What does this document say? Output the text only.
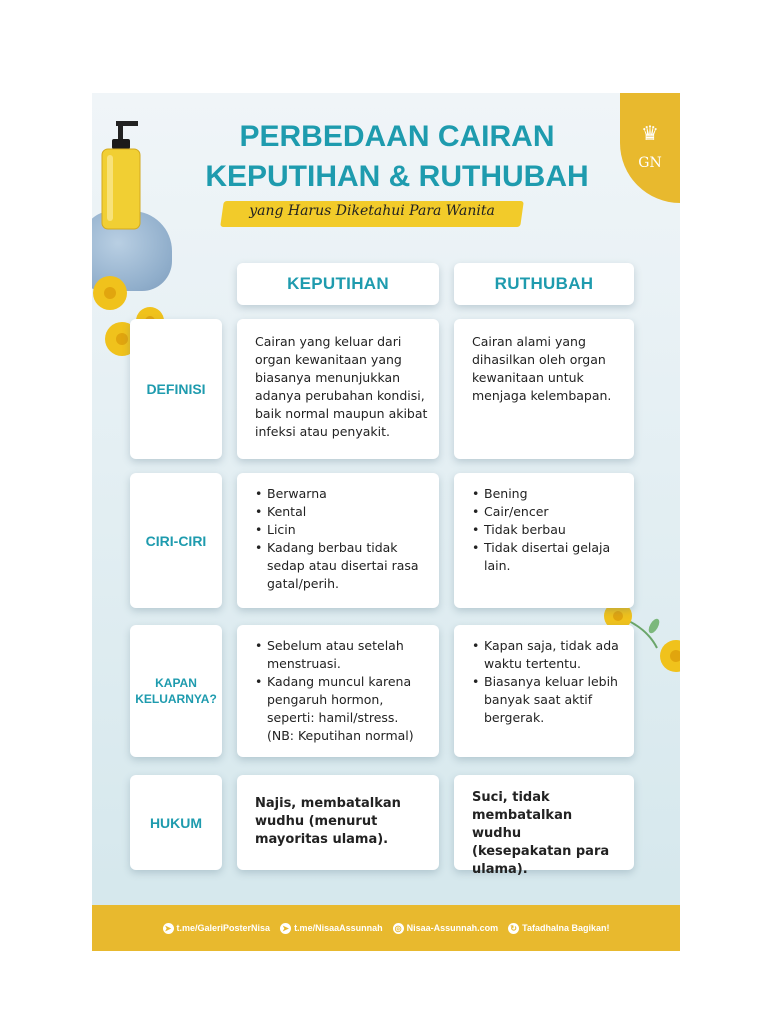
♛
GN
PERBEDAAN CAIRAN
KEPUTIHAN & RUTHUBAH
yang Harus Diketahui Para Wanita
KEPUTIHAN	RUTHUBAH
DEFINISI
Cairan yang keluar dari organ kewanitaan yang biasanya menunjukkan adanya perubahan kondisi, baik normal maupun akibat infeksi atau penyakit.
Cairan alami yang dihasilkan oleh organ kewanitaan untuk menjaga kelembapan.
CIRI-CIRI
• Berwarna
• Kental
• Licin
• Kadang berbau tidak sedap atau disertai rasa gatal/perih.
• Bening
• Cair/encer
• Tidak berbau
• Tidak disertai gelaja lain.
KAPAN
KELUARNYA?
• Sebelum atau setelah menstruasi.
• Kadang muncul karena pengaruh hormon, seperti: hamil/stress. (NB: Keputihan normal)
• Kapan saja, tidak ada waktu tertentu.
• Biasanya keluar lebih banyak saat aktif bergerak.
HUKUM
Najis, membatalkan wudhu (menurut mayoritas ulama).
Suci, tidak membatalkan wudhu (kesepakatan para ulama).
➤ t.me/GaleriPosterNisa ➤ t.me/NisaaAssunnah ◎ Nisaa-Assunnah.com ↻ Tafadhalna Bagikan!
